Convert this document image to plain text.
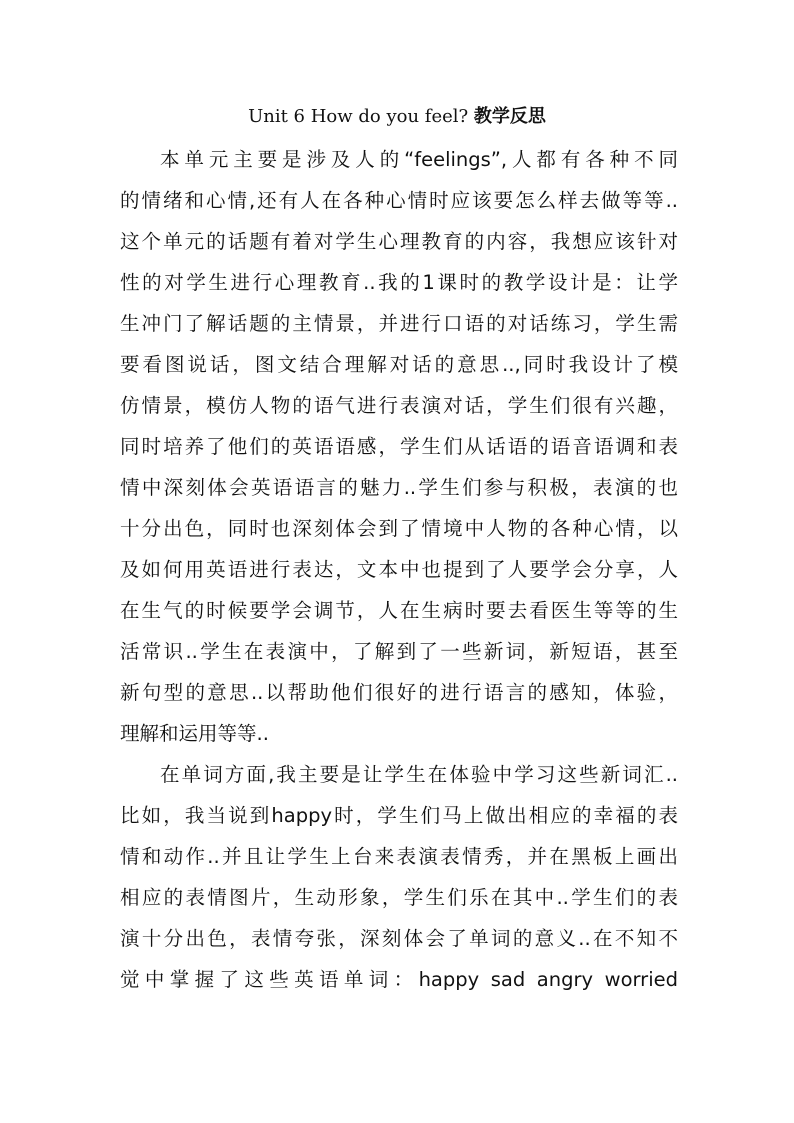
Unit 6 How do you feel? 教学反思
本单元主要是涉及人的“feelings”,人都有各种不同
的情绪和心情,还有人在各种心情时应该要怎么样去做等等..
这个单元的话题有着对学生心理教育的内容，我想应该针对
性的对学生进行心理教育..我的1课时的教学设计是：让学
生冲门了解话题的主情景，并进行口语的对话练习，学生需
要看图说话，图文结合理解对话的意思..,同时我设计了模
仿情景，模仿人物的语气进行表演对话，学生们很有兴趣，
同时培养了他们的英语语感，学生们从话语的语音语调和表
情中深刻体会英语语言的魅力..学生们参与积极，表演的也
十分出色，同时也深刻体会到了情境中人物的各种心情，以
及如何用英语进行表达，文本中也提到了人要学会分享，人
在生气的时候要学会调节，人在生病时要去看医生等等的生
活常识..学生在表演中，了解到了一些新词，新短语，甚至
新句型的意思..以帮助他们很好的进行语言的感知，体验，
理解和运用等等..
在单词方面,我主要是让学生在体验中学习这些新词汇..
比如，我当说到happy时，学生们马上做出相应的幸福的表
情和动作..并且让学生上台来表演表情秀，并在黑板上画出
相应的表情图片，生动形象，学生们乐在其中..学生们的表
演十分出色，表情夸张，深刻体会了单词的意义..在不知不
觉中掌握了这些英语单词：happy sad angry worried
